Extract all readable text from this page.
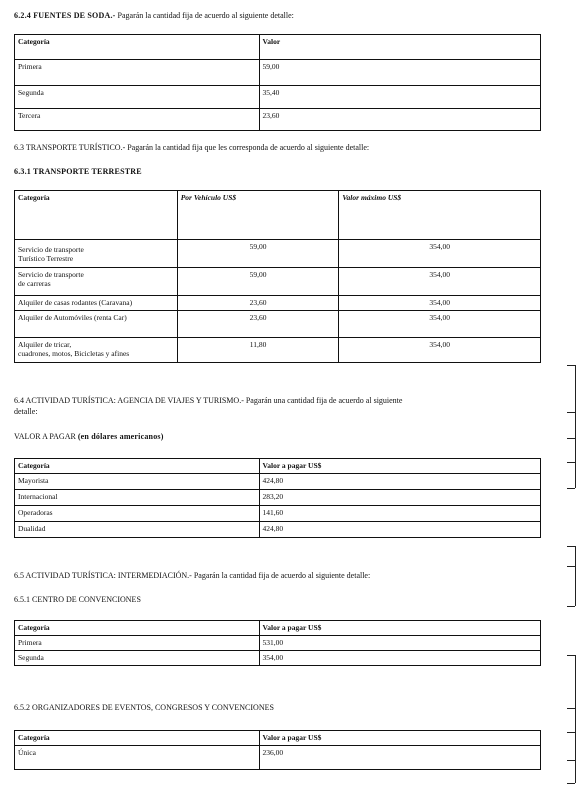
6.2.4 FUENTES DE SODA.- Pagarán la cantidad fija de acuerdo al siguiente detalle:
Categoría	Valor
Primera	59,00
Segunda	35,40
Tercera	23,60
6.3 TRANSPORTE TURÍSTICO.- Pagarán la cantidad fija que les corresponda de acuerdo al siguiente detalle:
6.3.1 TRANSPORTE TERRESTRE
Categoría	Por Vehículo US$	Valor máximo US$

Servicio de transporte
Turístico Terrestre	59,00	354,00

Servicio de transporte
de carreras	59,00	354,00
Alquiler de casas rodantes (Caravana)	23,60	354,00
Alquiler de Automóviles (renta Car)	23,60	354,00

Alquiler de tricar,
cuadrones, motos, Bicicletas y afines	11,80	354,00
6.4 ACTIVIDAD TURÍSTICA: AGENCIA DE VIAJES Y TURISMO.- Pagarán una cantidad fija de acuerdo al siguiente
detalle:
VALOR A PAGAR (en dólares americanos)
Categoría	Valor a pagar US$
Mayorista	424,80
Internacional	283,20
Operadoras	141,60
Dualidad	424,80
6.5 ACTIVIDAD TURÍSTICA: INTERMEDIACIÓN.- Pagarán la cantidad fija de acuerdo al siguiente detalle:
6.5.1 CENTRO DE CONVENCIONES
Categoría	Valor a pagar US$
Primera	531,00
Segunda	354,00
6.5.2 ORGANIZADORES DE EVENTOS, CONGRESOS Y CONVENCIONES
Categoría	Valor a pagar US$
Única	236,00
